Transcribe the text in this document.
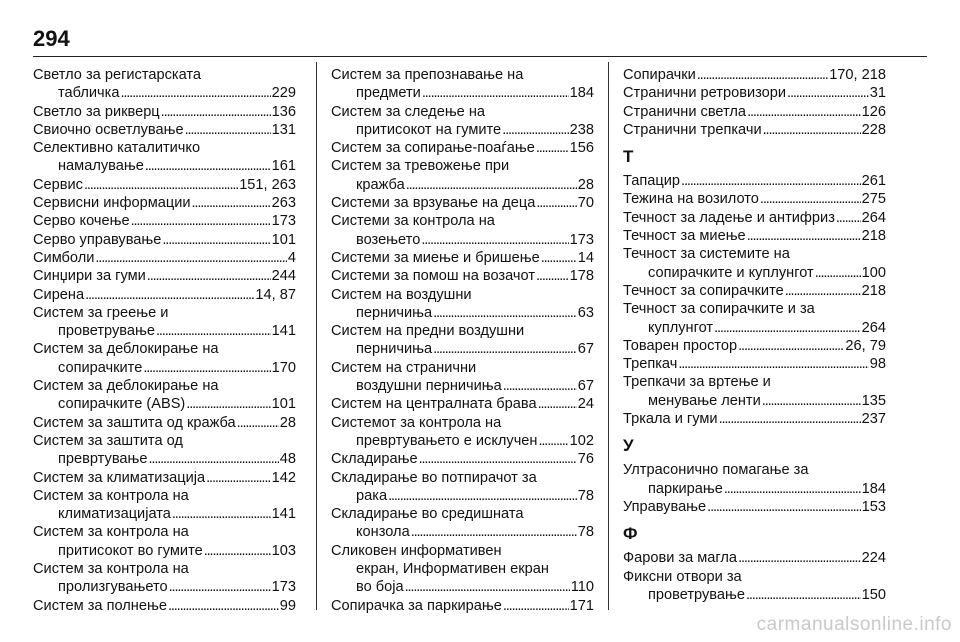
294
Светло за регистарската
табличка . . .	229
Светло за рикверц . . .	136
Свиочно осветлување . . .	131
Селективно каталитичко
намалување . . .	161
Сервис . . .	151, 263
Сервисни информации . . .	263
Серво кочење . . .	173
Серво управување . . .	101
Симболи . . .	4
Синџири за гуми . . .	244
Сирена . . .	14, 87
Систем за греење и
проветрување . . .	141
Систем за деблокирање на
сопирачките . . .	170
Систем за деблокирање на
сопирачките (ABS) . . .	101
Систем за заштита од кражба . . .	28
Систем за заштита од
превртување . . .	48
Систем за климатизација . . .	142
Систем за контрола на
климатизацијата . . .	141
Систем за контрола на
притисокот во гумите . . .	103
Систем за контрола на
пролизгувањето . . .	173
Систем за полнење . . .	99
Систем за препознавање на
предмети . . .	184
Систем за следење на
притисокот на гумите . . .	238
Систем за сопирање-поаѓање . . . 156
Систем за тревожење при
кражба . . .	28
Системи за врзување на деца . . .	70
Системи за контрола на
возењето . . .	173
Системи за миење и бришење . . .	14
Системи за помош на возачот . . . 178
Систем на воздушни
перничиња . . .	63
Систем на предни воздушни
перничиња . . .	67
Систем на странични
воздушни перничиња . . .	67
Систем на централната брава . . .	24
Системот за контрола на
превртувањето е исклучен . . . 102
Складирање . . .	76
Складирање во потпирачот за
рака . . .	78
Складирање во средишната
конзола . . .	78
Сликовен информативен
екран, Информативен екран
во боја . . .	110
Сопирачка за паркирање . . .	171
Сопирачки . . .	170, 218
Странични ретровизори . . .	31
Странични светла . . .	126
Странични трепкачи . . .	228
Т
Тапацир . . .	261
Тежина на возилото . . .	275
Течност за ладење и антифриз . . . 264
Течност за миење . . .	218
Течност за системите на
сопирачките и куплунгот . . .	100
Течност за сопирачките . . .	218
Течност за сопирачките и за
куплунгот . . .	264
Товарен простор . . .	26, 79
Трепкач . . .	98
Трепкачи за вртење и
менување ленти . . .	135
Тркала и гуми . . .	237
У
Ултрасонично помагање за
паркирање . . .	184
Управување . . .	153
Ф
Фарови за магла . . .	224
Фиксни отвори за
проветрување . . .	150
carmanualsonline.info
